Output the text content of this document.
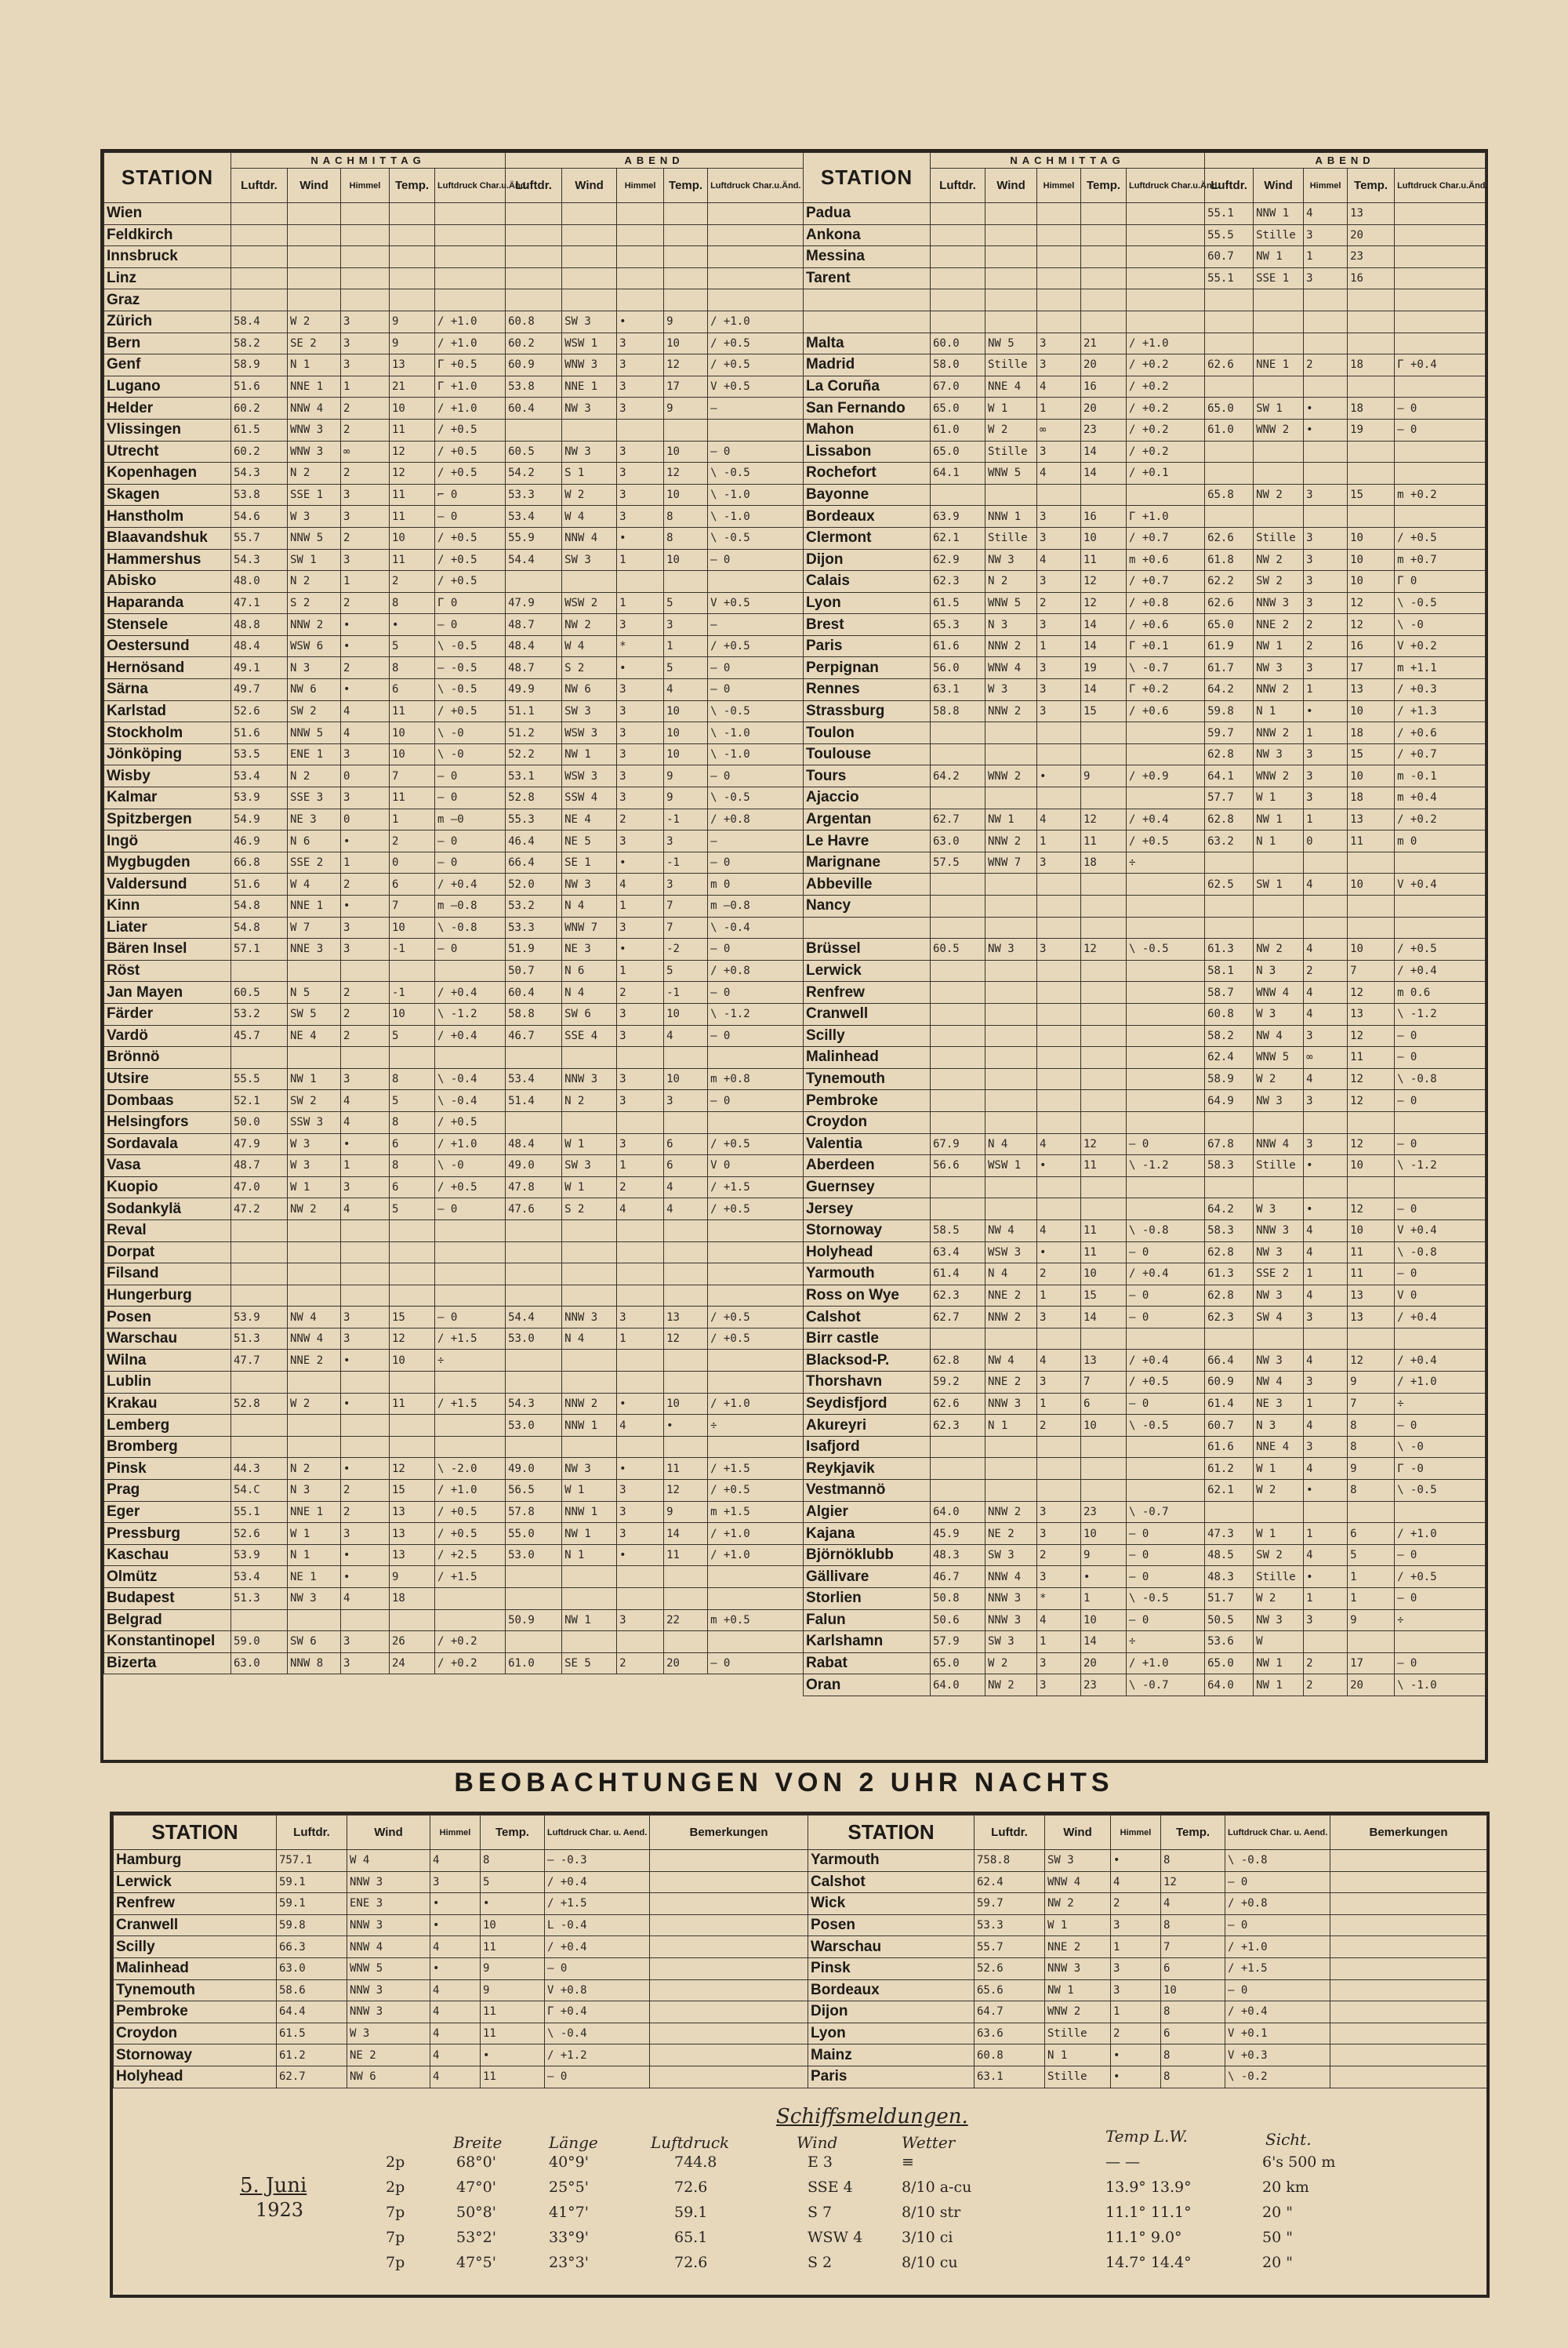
STATION	NACHMITTAG					ABEND				
	Luftdr.	Wind	Himmel	Temp.	Luftdruck Char.u.Änd.	Luftdr.	Wind	Himmel	Temp.	Luftdruck Char.u.Änd.
Wien										
Feldkirch										
Innsbruck										
Linz										
Graz										
Zürich	58.4	W 2	3	9	/ +1.0	60.8	SW 3	•	9	/ +1.0
Bern	58.2	SE 2	3	9	/ +1.0	60.2	WSW 1	3	10	/ +0.5
Genf	58.9	N 1	3	13	Γ +0.5	60.9	WNW 3	3	12	/ +0.5
Lugano	51.6	NNE 1	1	21	Γ +1.0	53.8	NNE 1	3	17	V +0.5
Helder	60.2	NNW 4	2	10	/ +1.0	60.4	NW 3	3	9	—
Vlissingen	61.5	WNW 3	2	11	/ +0.5					
Utrecht	60.2	WNW 3	∞	12	/ +0.5	60.5	NW 3	3	10	— 0
Kopenhagen	54.3	N 2	2	12	/ +0.5	54.2	S 1	3	12	\ -0.5
Skagen	53.8	SSE 1	3	11	⌐ 0	53.3	W 2	3	10	\ -1.0
Hanstholm	54.6	W 3	3	11	— 0	53.4	W 4	3	8	\ -1.0
Blaavandshuk	55.7	NNW 5	2	10	/ +0.5	55.9	NNW 4	•	8	\ -0.5
Hammershus	54.3	SW 1	3	11	/ +0.5	54.4	SW 3	1	10	— 0
Abisko	48.0	N 2	1	2	/ +0.5					
Haparanda	47.1	S 2	2	8	Γ 0	47.9	WSW 2	1	5	V +0.5
Stensele	48.8	NNW 2	•	•	— 0	48.7	NW 2	3	3	—
Oestersund	48.4	WSW 6	•	5	\ -0.5	48.4	W 4	*	1	/ +0.5
Hernösand	49.1	N 3	2	8	— -0.5	48.7	S 2	•	5	— 0
Särna	49.7	NW 6	•	6	\ -0.5	49.9	NW 6	3	4	— 0
Karlstad	52.6	SW 2	4	11	/ +0.5	51.1	SW 3	3	10	\ -0.5
Stockholm	51.6	NNW 5	4	10	\ -0	51.2	WSW 3	3	10	\ -1.0
Jönköping	53.5	ENE 1	3	10	\ -0	52.2	NW 1	3	10	\ -1.0
Wisby	53.4	N 2	0	7	— 0	53.1	WSW 3	3	9	— 0
Kalmar	53.9	SSE 3	3	11	— 0	52.8	SSW 4	3	9	\ -0.5
Spitzbergen	54.9	NE 3	0	1	m —0	55.3	NE 4	2	-1	/ +0.8
Ingö	46.9	N 6	•	2	— 0	46.4	NE 5	3	3	—
Mygbugden	66.8	SSE 2	1	0	— 0	66.4	SE 1	•	-1	— 0
Valdersund	51.6	W 4	2	6	/ +0.4	52.0	NW 3	4	3	m 0
Kinn	54.8	NNE 1	•	7	m —0.8	53.2	N 4	1	7	m —0.8
Liater	54.8	W 7	3	10	\ -0.8	53.3	WNW 7	3	7	\ -0.4
Bären Insel	57.1	NNE 3	3	-1	— 0	51.9	NE 3	•	-2	— 0
Röst						50.7	N 6	1	5	/ +0.8
Jan Mayen	60.5	N 5	2	-1	/ +0.4	60.4	N 4	2	-1	— 0
Färder	53.2	SW 5	2	10	\ -1.2	58.8	SW 6	3	10	\ -1.2
Vardö	45.7	NE 4	2	5	/ +0.4	46.7	SSE 4	3	4	— 0
Brönnö										
Utsire	55.5	NW 1	3	8	\ -0.4	53.4	NNW 3	3	10	m +0.8
Dombaas	52.1	SW 2	4	5	\ -0.4	51.4	N 2	3	3	— 0
Helsingfors	50.0	SSW 3	4	8	/ +0.5					
Sordavala	47.9	W 3	•	6	/ +1.0	48.4	W 1	3	6	/ +0.5
Vasa	48.7	W 3	1	8	\ -0	49.0	SW 3	1	6	V 0
Kuopio	47.0	W 1	3	6	/ +0.5	47.8	W 1	2	4	/ +1.5
Sodankylä	47.2	NW 2	4	5	— 0	47.6	S 2	4	4	/ +0.5
Reval										
Dorpat										
Filsand										
Hungerburg										
Posen	53.9	NW 4	3	15	— 0	54.4	NNW 3	3	13	/ +0.5
Warschau	51.3	NNW 4	3	12	/ +1.5	53.0	N 4	1	12	/ +0.5
Wilna	47.7	NNE 2	•	10	÷					
Lublin										
Krakau	52.8	W 2	•	11	/ +1.5	54.3	NNW 2	•	10	/ +1.0
Lemberg						53.0	NNW 1	4	•	÷
Bromberg										
Pinsk	44.3	N 2	•	12	\ -2.0	49.0	NW 3	•	11	/ +1.5
Prag	54.C	N 3	2	15	/ +1.0	56.5	W 1	3	12	/ +0.5
Eger	55.1	NNE 1	2	13	/ +0.5	57.8	NNW 1	3	9	m +1.5
Pressburg	52.6	W 1	3	13	/ +0.5	55.0	NW 1	3	14	/ +1.0
Kaschau	53.9	N 1	•	13	/ +2.5	53.0	N 1	•	11	/ +1.0
Olmütz	53.4	NE 1	•	9	/ +1.5					
Budapest	51.3	NW 3	4	18						
Belgrad						50.9	NW 1	3	22	m +0.5
Konstantinopel	59.0	SW 6	3	26	/ +0.2					
Bizerta	63.0	NNW 8	3	24	/ +0.2	61.0	SE 5	2	20	— 0
STATION	NACHMITTAG					ABEND				
	Luftdr.	Wind	Himmel	Temp.	Luftdruck Char.u.Änd.	Luftdr.	Wind	Himmel	Temp.	Luftdruck Char.u.Änd.
Padua						55.1	NNW 1	4	13	
Ankona						55.5	Stille	3	20	
Messina						60.7	NW 1	1	23	
Tarent						55.1	SSE 1	3	16	

Malta	60.0	NW 5	3	21	/ +1.0					
Madrid	58.0	Stille	3	20	/ +0.2	62.6	NNE 1	2	18	Γ +0.4
La Coruña	67.0	NNE 4	4	16	/ +0.2					
San Fernando	65.0	W 1	1	20	/ +0.2	65.0	SW 1	•	18	— 0
Mahon	61.0	W 2	∞	23	/ +0.2	61.0	WNW 2	•	19	— 0
Lissabon	65.0	Stille	3	14	/ +0.2					
Rochefort	64.1	WNW 5	4	14	/ +0.1					
Bayonne						65.8	NW 2	3	15	m +0.2
Bordeaux	63.9	NNW 1	3	16	Γ +1.0					
Clermont	62.1	Stille	3	10	/ +0.7	62.6	Stille	3	10	/ +0.5
Dijon	62.9	NW 3	4	11	m +0.6	61.8	NW 2	3	10	m +0.7
Calais	62.3	N 2	3	12	/ +0.7	62.2	SW 2	3	10	Γ 0
Lyon	61.5	WNW 5	2	12	/ +0.8	62.6	NNW 3	3	12	\ -0.5
Brest	65.3	N 3	3	14	/ +0.6	65.0	NNE 2	2	12	\ -0
Paris	61.6	NNW 2	1	14	Γ +0.1	61.9	NW 1	2	16	V +0.2
Perpignan	56.0	WNW 4	3	19	\ -0.7	61.7	NW 3	3	17	m +1.1
Rennes	63.1	W 3	3	14	Γ +0.2	64.2	NNW 2	1	13	/ +0.3
Strassburg	58.8	NNW 2	3	15	/ +0.6	59.8	N 1	•	10	/ +1.3
Toulon						59.7	NNW 2	1	18	/ +0.6
Toulouse						62.8	NW 3	3	15	/ +0.7
Tours	64.2	WNW 2	•	9	/ +0.9	64.1	WNW 2	3	10	m -0.1
Ajaccio						57.7	W 1	3	18	m +0.4
Argentan	62.7	NW 1	4	12	/ +0.4	62.8	NW 1	1	13	/ +0.2
Le Havre	63.0	NNW 2	1	11	/ +0.5	63.2	N 1	0	11	m 0
Marignane	57.5	WNW 7	3	18	÷					
Abbeville						62.5	SW 1	4	10	V +0.4
Nancy										

Brüssel	60.5	NW 3	3	12	\ -0.5	61.3	NW 2	4	10	/ +0.5
Lerwick						58.1	N 3	2	7	/ +0.4
Renfrew						58.7	WNW 4	4	12	m 0.6
Cranwell						60.8	W 3	4	13	\ -1.2
Scilly						58.2	NW 4	3	12	— 0
Malinhead						62.4	WNW 5	∞	11	— 0
Tynemouth						58.9	W 2	4	12	\ -0.8
Pembroke						64.9	NW 3	3	12	— 0
Croydon										
Valentia	67.9	N 4	4	12	— 0	67.8	NNW 4	3	12	— 0
Aberdeen	56.6	WSW 1	•	11	\ -1.2	58.3	Stille	•	10	\ -1.2
Guernsey										
Jersey						64.2	W 3	•	12	— 0
Stornoway	58.5	NW 4	4	11	\ -0.8	58.3	NNW 3	4	10	V +0.4
Holyhead	63.4	WSW 3	•	11	— 0	62.8	NW 3	4	11	\ -0.8
Yarmouth	61.4	N 4	2	10	/ +0.4	61.3	SSE 2	1	11	— 0
Ross on Wye	62.3	NNE 2	1	15	— 0	62.8	NW 3	4	13	V 0
Calshot	62.7	NNW 2	3	14	— 0	62.3	SW 4	3	13	/ +0.4
Birr castle										
Blacksod-P.	62.8	NW 4	4	13	/ +0.4	66.4	NW 3	4	12	/ +0.4
Thorshavn	59.2	NNE 2	3	7	/ +0.5	60.9	NW 4	3	9	/ +1.0
Seydisfjord	62.6	NNW 3	1	6	— 0	61.4	NE 3	1	7	÷
Akureyri	62.3	N 1	2	10	\ -0.5	60.7	N 3	4	8	— 0
Isafjord						61.6	NNE 4	3	8	\ -0
Reykjavik						61.2	W 1	4	9	Γ -0
Vestmannö						62.1	W 2	•	8	\ -0.5
Algier	64.0	NNW 2	3	23	\ -0.7					
Kajana	45.9	NE 2	3	10	— 0	47.3	W 1	1	6	/ +1.0
Björnöklubb	48.3	SW 3	2	9	— 0	48.5	SW 2	4	5	— 0
Gällivare	46.7	NNW 4	3	•	— 0	48.3	Stille	•	1	/ +0.5
Storlien	50.8	NNW 3	*	1	\ -0.5	51.7	W 2	1	1	— 0
Falun	50.6	NNW 3	4	10	— 0	50.5	NW 3	3	9	÷
Karlshamn	57.9	SW 3	1	14	÷	53.6	W			
Rabat	65.0	W 2	3	20	/ +1.0	65.0	NW 1	2	17	— 0
Oran	64.0	NW 2	3	23	\ -0.7	64.0	NW 1	2	20	\ -1.0
BEOBACHTUNGEN VON 2 UHR NACHTS
STATION	Luftdr.	Wind	Himmel	Temp.	Luftdruck Char. u. Aend.	Bemerkungen
Hamburg	757.1	W 4	4	8	— -0.3	
Lerwick	59.1	NNW 3	3	5	/ +0.4	
Renfrew	59.1	ENE 3	•	•	/ +1.5	
Cranwell	59.8	NNW 3	•	10	L -0.4	
Scilly	66.3	NNW 4	4	11	/ +0.4	
Malinhead	63.0	WNW 5	•	9	— 0	
Tynemouth	58.6	NNW 3	4	9	V +0.8	
Pembroke	64.4	NNW 3	4	11	Γ +0.4	
Croydon	61.5	W 3	4	11	\ -0.4	
Stornoway	61.2	NE 2	4	•	/ +1.2	
Holyhead	62.7	NW 6	4	11	— 0	
STATION	Luftdr.	Wind	Himmel	Temp.	Luftdruck Char. u. Aend.	Bemerkungen
Yarmouth	758.8	SW 3	•	8	\ -0.8	
Calshot	62.4	WNW 4	4	12	— 0	
Wick	59.7	NW 2	2	4	/ +0.8	
Posen	53.3	W 1	3	8	— 0	
Warschau	55.7	NNE 2	1	7	/ +1.0	
Pinsk	52.6	NNW 3	3	6	/ +1.5	
Bordeaux	65.6	NW 1	3	10	— 0	
Dijon	64.7	WNW 2	1	8	/ +0.4	
Lyon	63.6	Stille	2	6	V +0.1	
Mainz	60.8	N 1	•	8	V +0.3	
Paris	63.1	Stille	•	8	\ -0.2	
Schiffsmeldungen.
5. Juni
1923
Breite	Länge	Luftdruck	Wind	Wetter	Temp L.W.	Sicht.
2p	68°0'	40°9'	744.8	E 3	≡	— —	6's 500 m
2p	47°0'	25°5'	72.6	SSE 4	8/10 a-cu	13.9° 13.9°	20 km
7p	50°8'	41°7'	59.1	S 7	8/10 str	11.1° 11.1°	20 "
7p	53°2'	33°9'	65.1	WSW 4	3/10 ci	11.1° 9.0°	50 "
7p	47°5'	23°3'	72.6	S 2	8/10 cu	14.7° 14.4°	20 "
